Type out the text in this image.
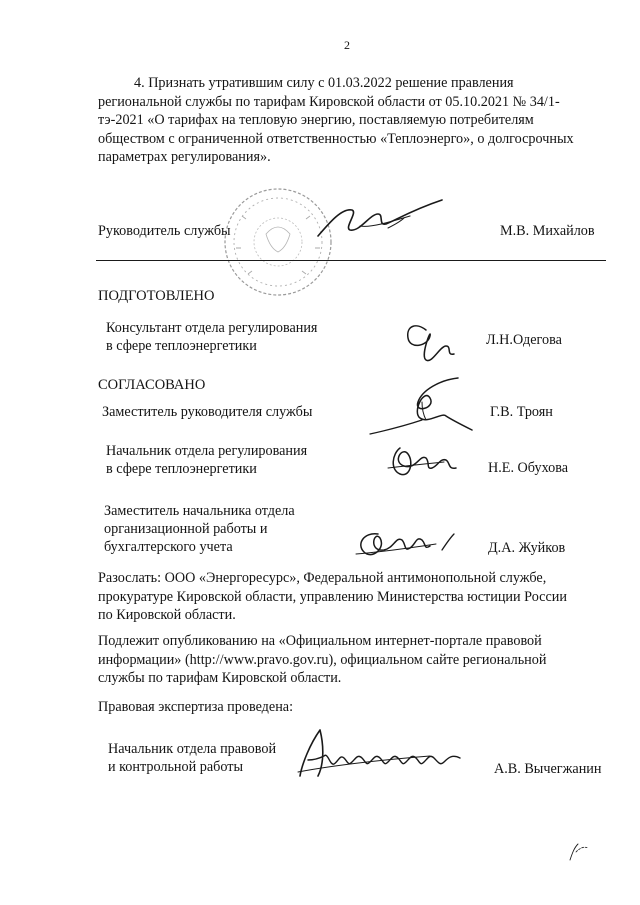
2
4. Признать утратившим силу с 01.03.2022 решение правления
региональной службы по тарифам Кировской области от 05.10.2021 № 34/1-
тэ-2021 «О тарифах на тепловую энергию, поставляемую потребителям
обществом с ограниченной ответственностью «Теплоэнерго», о долгосрочных
параметрах регулирования».
Руководитель службы	М.В. Михайлов
ПОДГОТОВЛЕНО
Консультант отдела регулирования
в сфере теплоэнергетики	Л.Н.Одегова
СОГЛАСОВАНО
Заместитель руководителя службы	Г.В. Троян
Начальник отдела регулирования
в сфере теплоэнергетики	Н.Е. Обухова
Заместитель начальника отдела
организационной работы и
бухгалтерского учета	Д.А. Жуйков
Разослать: ООО «Энергоресурс», Федеральной антимонопольной службе,
прокуратуре Кировской области, управлению Министерства юстиции России
по Кировской области.
Подлежит опубликованию на «Официальном интернет-портале правовой
информации» (http://www.pravo.gov.ru), официальном сайте региональной
службы по тарифам Кировской области.
Правовая экспертиза проведена:
Начальник отдела правовой
и контрольной работы	А.В. Вычегжанин
